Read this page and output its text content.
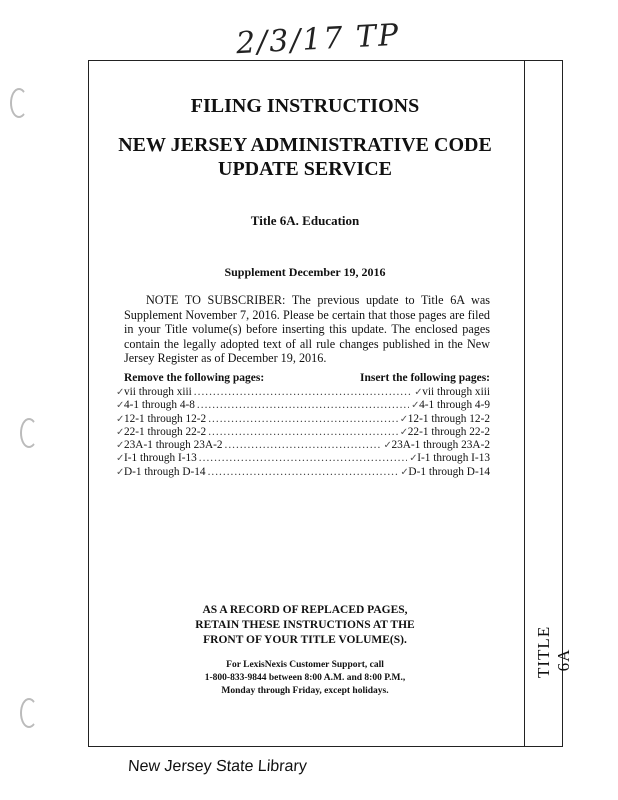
2/3/17 TP
TITLE 6A
FILING INSTRUCTIONS
NEW JERSEY ADMINISTRATIVE CODE
UPDATE SERVICE
Title 6A. Education
Supplement December 19, 2016
NOTE TO SUBSCRIBER: The previous update to Title 6A was Supplement November 7, 2016. Please be certain that those pages are filed in your Title volume(s) before inserting this update. The enclosed pages contain the legally adopted text of all rule changes published in the New Jersey Register as of December 19, 2016.
Remove the following pages:	Insert the following pages:
✓ vii through xiii .....	✓ vii through xiii
✓ 4-1 through 4-8 .....	✓ 4-1 through 4-9
✓ 12-1 through 12-2 .....	✓ 12-1 through 12-2
✓ 22-1 through 22-2 .....	✓ 22-1 through 22-2
✓ 23A-1 through 23A-2 .....	✓ 23A-1 through 23A-2
✓ I-1 through I-13 .....	✓ I-1 through I-13
✓ D-1 through D-14 .....	✓ D-1 through D-14
AS A RECORD OF REPLACED PAGES,
RETAIN THESE INSTRUCTIONS AT THE
FRONT OF YOUR TITLE VOLUME(S).
For LexisNexis Customer Support, call
1-800-833-9844 between 8:00 A.M. and 8:00 P.M.,
Monday through Friday, except holidays.
New Jersey State Library
